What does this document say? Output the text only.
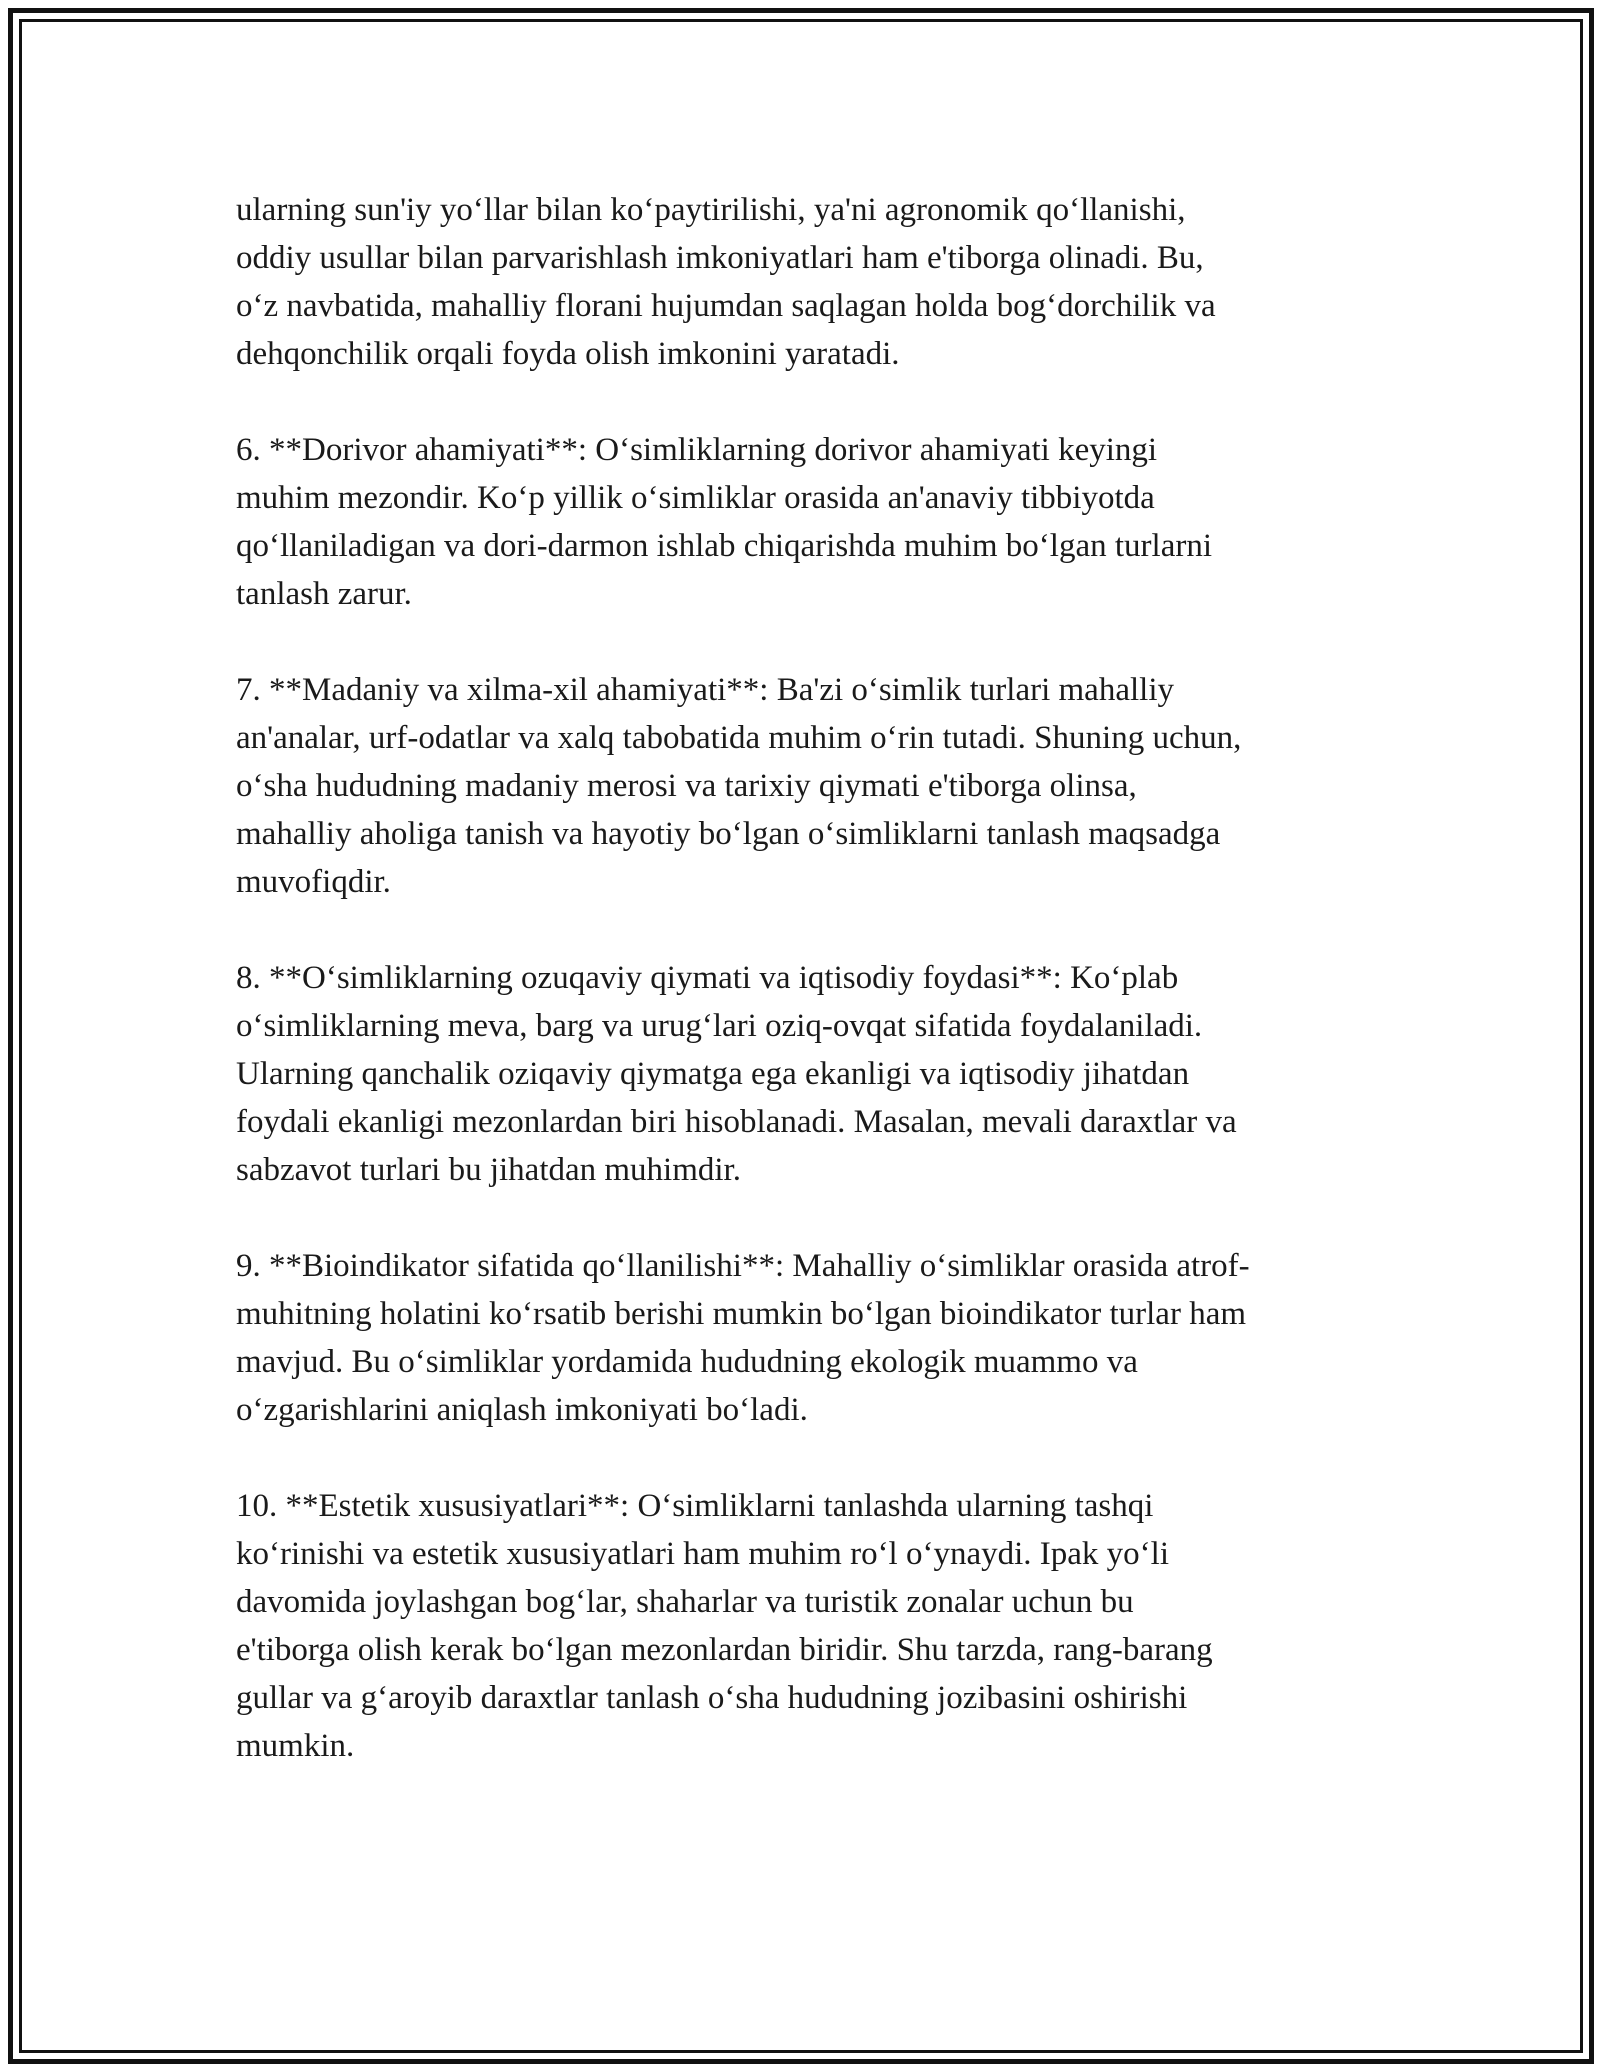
ularning sun'iy yo‘llar bilan ko‘paytirilishi, ya'ni agronomik qo‘llanishi,
oddiy usullar bilan parvarishlash imkoniyatlari ham e'tiborga olinadi. Bu,
o‘z navbatida, mahalliy florani hujumdan saqlagan holda bog‘dorchilik va
dehqonchilik orqali foyda olish imkonini yaratadi.

6. **Dorivor ahamiyati**: O‘simliklarning dorivor ahamiyati keyingi
muhim mezondir. Ko‘p yillik o‘simliklar orasida an'anaviy tibbiyotda
qo‘llaniladigan va dori-darmon ishlab chiqarishda muhim bo‘lgan turlarni
tanlash zarur.

7. **Madaniy va xilma-xil ahamiyati**: Ba'zi o‘simlik turlari mahalliy
an'analar, urf-odatlar va xalq tabobatida muhim o‘rin tutadi. Shuning uchun,
o‘sha hududning madaniy merosi va tarixiy qiymati e'tiborga olinsa,
mahalliy aholiga tanish va hayotiy bo‘lgan o‘simliklarni tanlash maqsadga
muvofiqdir.

8. **O‘simliklarning ozuqaviy qiymati va iqtisodiy foydasi**: Ko‘plab
o‘simliklarning meva, barg va urug‘lari oziq-ovqat sifatida foydalaniladi.
Ularning qanchalik oziqaviy qiymatga ega ekanligi va iqtisodiy jihatdan
foydali ekanligi mezonlardan biri hisoblanadi. Masalan, mevali daraxtlar va
sabzavot turlari bu jihatdan muhimdir.

9. **Bioindikator sifatida qo‘llanilishi**: Mahalliy o‘simliklar orasida atrof-
muhitning holatini ko‘rsatib berishi mumkin bo‘lgan bioindikator turlar ham
mavjud. Bu o‘simliklar yordamida hududning ekologik muammo va
o‘zgarishlarini aniqlash imkoniyati bo‘ladi.

10. **Estetik xususiyatlari**: O‘simliklarni tanlashda ularning tashqi
ko‘rinishi va estetik xususiyatlari ham muhim ro‘l o‘ynaydi. Ipak yo‘li
davomida joylashgan bog‘lar, shaharlar va turistik zonalar uchun bu
e'tiborga olish kerak bo‘lgan mezonlardan biridir. Shu tarzda, rang-barang
gullar va g‘aroyib daraxtlar tanlash o‘sha hududning jozibasini oshirishi
mumkin.
